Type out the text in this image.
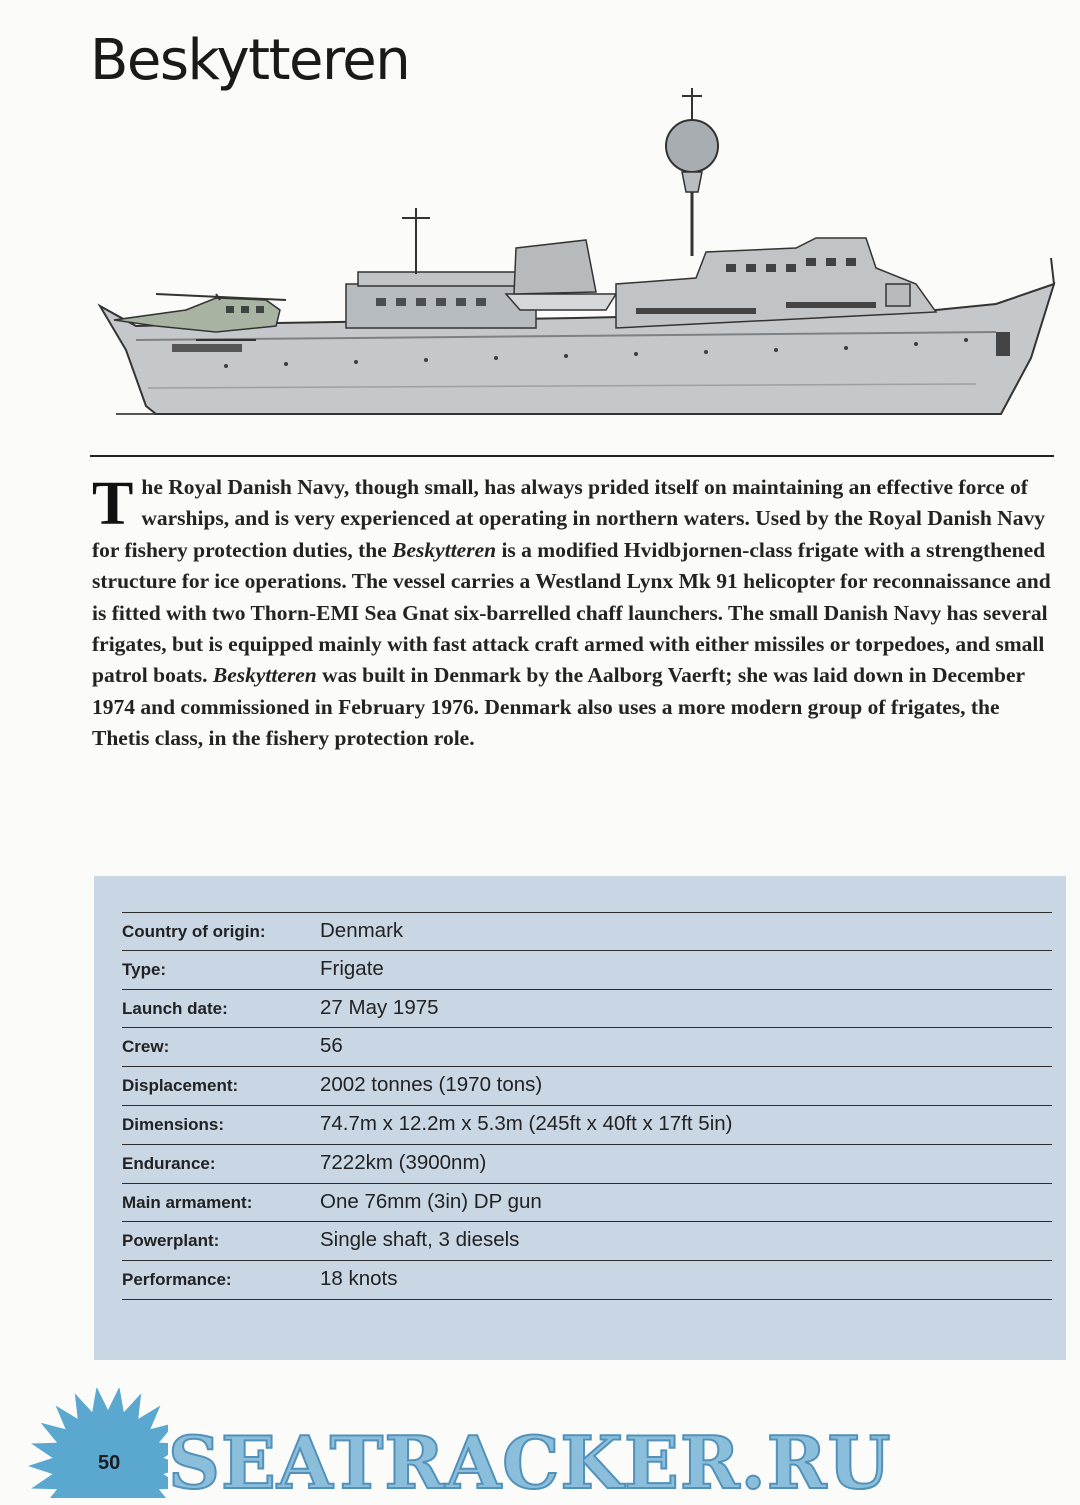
Beskytteren

The Royal Danish Navy, though small, has always prided itself on maintaining an effective force of warships, and is very experienced at operating in northern waters. Used by the Royal Danish Navy for fishery protection duties, the Beskytteren is a modified Hvidbjornen-class frigate with a strengthened structure for ice operations. The vessel carries a Westland Lynx Mk 91 helicopter for reconnaissance and is fitted with two Thorn-EMI Sea Gnat six-barrelled chaff launchers. The small Danish Navy has several frigates, but is equipped mainly with fast attack craft armed with either missiles or torpedoes, and small patrol boats. Beskytteren was built in Denmark by the Aalborg Vaerft; she was laid down in December 1974 and commissioned in February 1976. Denmark also uses a more modern group of frigates, the Thetis class, in the fishery protection role.

Country of origin:	Denmark
Type:	Frigate
Launch date:	27 May 1975
Crew:	56
Displacement:	2002 tonnes (1970 tons)
Dimensions:	74.7m x 12.2m x 5.3m (245ft x 40ft x 17ft 5in)
Endurance:	7222km (3900nm)
Main armament:	One 76mm (3in) DP gun
Powerplant:	Single shaft, 3 diesels
Performance:	18 knots
50 SEATRACKER.RU
